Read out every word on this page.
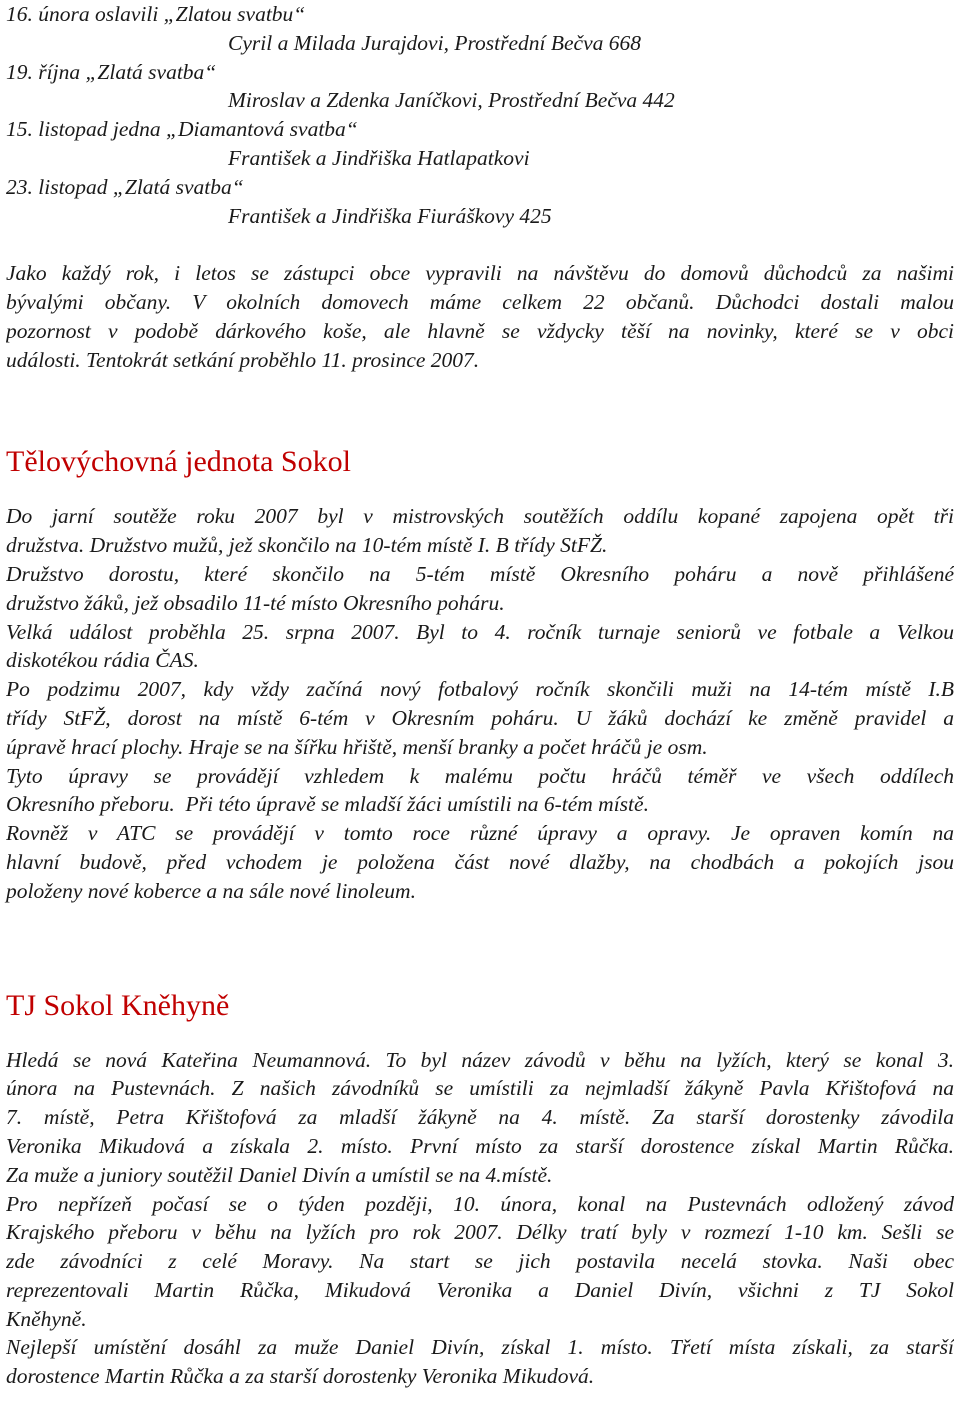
16. února oslavili „Zlatou svatbu“
Cyril a Milada Jurajdovi, Prostřední Bečva 668
19. října „Zlatá svatba“
Miroslav a Zdenka Janíčkovi, Prostřední Bečva 442
15. listopad jedna „Diamantová svatba“
František a Jindřiška Hatlapatkovi
23. listopad „Zlatá svatba“
František a Jindřiška Fiuráškovy 425
Jako každý rok, i letos se zástupci obce vypravili na návštěvu do domovů důchodců za našimi
bývalými občany. V okolních domovech máme celkem 22 občanů. Důchodci dostali malou
pozornost v podobě dárkového koše, ale hlavně se vždycky těší na novinky, které se v obci
události. Tentokrát setkání proběhlo 11. prosince 2007.
Tělovýchovná jednota Sokol
Do jarní soutěže roku 2007 byl v mistrovských soutěžích oddílu kopané zapojena opět tři
družstva. Družstvo mužů, jež skončilo na 10-tém místě I. B třídy StFŽ.
Družstvo dorostu, které skončilo na 5-tém místě Okresního poháru a nově přihlášené
družstvo žáků, jež obsadilo 11-té místo Okresního poháru.
Velká událost proběhla 25. srpna 2007. Byl to 4. ročník turnaje seniorů ve fotbale a Velkou
diskotékou rádia ČAS.
Po podzimu 2007, kdy vždy začíná nový fotbalový ročník skončili muži na 14-tém místě I.B
třídy StFŽ, dorost na místě 6-tém v Okresním poháru. U žáků dochází ke změně pravidel a
úpravě hrací plochy. Hraje se na šířku hřiště, menší branky a počet hráčů je osm.
Tyto úpravy se provádějí vzhledem k malému počtu hráčů téměř ve všech oddílech
Okresního přeboru.  Při této úpravě se mladší žáci umístili na 6-tém místě.
Rovněž v ATC se provádějí v tomto roce různé úpravy a opravy. Je opraven komín na
hlavní budově, před vchodem je položena část nové dlažby, na chodbách a pokojích jsou
položeny nové koberce a na sále nové linoleum.
TJ Sokol Kněhyně
Hledá se nová Kateřina Neumannová. To byl název závodů v běhu na lyžích, který se konal 3.
února na Pustevnách. Z našich závodníků se umístili za nejmladší žákyně Pavla Křištofová na
7. místě, Petra Křištofová za mladší žákyně na 4. místě. Za starší dorostenky závodila
Veronika Mikudová a získala 2. místo. První místo za starší dorostence získal Martin Růčka.
Za muže a juniory soutěžil Daniel Divín a umístil se na 4.místě.
Pro nepřízeň počasí se o týden později, 10. února, konal na Pustevnách odložený závod
Krajského přeboru v běhu na lyžích pro rok 2007. Délky tratí byly v rozmezí 1-10 km. Sešli se
zde závodníci z celé Moravy. Na start se jich postavila necelá stovka. Naši obec
reprezentovali Martin Růčka, Mikudová Veronika a Daniel Divín, všichni z TJ Sokol
Kněhyně.
Nejlepší umístění dosáhl za muže Daniel Divín, získal 1. místo. Třetí místa získali, za starší
dorostence Martin Růčka a za starší dorostenky Veronika Mikudová.
